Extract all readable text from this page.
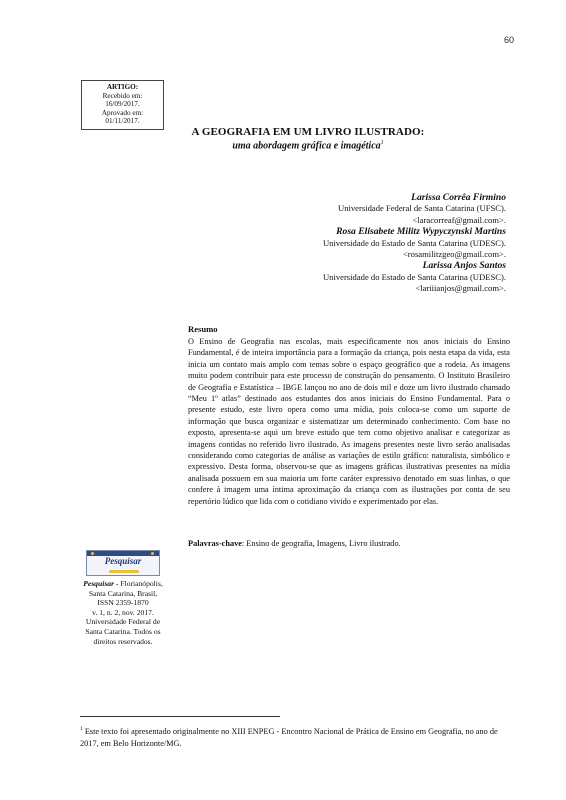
60
ARTIGO:
Recebido em:
16/09/2017.
Aprovado em:
01/11/2017.
A GEOGRAFIA EM UM LIVRO ILUSTRADO:
uma abordagem gráfica e imagética$^1$
Larissa Corrêa Firmino
Universidade Federal de Santa Catarina (UFSC).
<laracorreaf@gmail.com>.
Rosa Elisabete Militz Wypyczynski Martins
Universidade do Estado de Santa Catarina (UDESC).
<rosamilitzgeo@gmail.com>.
Larissa Anjos Santos
Universidade do Estado de Santa Catarina (UDESC).
<lariiianjos@gmail.com>.
Resumo
O Ensino de Geografia nas escolas, mais especificamente nos anos iniciais do Ensino Fundamental, é de inteira importância para a formação da criança, pois nesta etapa da vida, esta inicia um contato mais amplo com temas sobre o espaço geográfico que a rodeia. As imagens muito podem contribuir para este processo de construção do pensamento. O Instituto Brasileiro de Geografia e Estatística – IBGE lançou no ano de dois mil e doze um livro ilustrado chamado “Meu 1º atlas” destinado aos estudantes dos anos iniciais do Ensino Fundamental. Para o presente estudo, este livro opera como uma mídia, pois coloca-se como um suporte de informação que busca organizar e sistematizar um determinado conhecimento. Com base no exposto, apresenta-se aqui um breve estudo que tem como objetivo analisar e categorizar as imagens contidas no referido livro ilustrado. As imagens presentes neste livro serão analisadas considerando como categorias de análise as variações de estilo gráfico: naturalista, simbólico e expressivo. Desta forma, observou-se que as imagens gráficas ilustrativas presentes na mídia analisada possuem em sua maioria um forte caráter expressivo denotado em suas linhas, o que confere à imagem uma íntima aproximação da criança com as ilustrações por conta de seu repertório lúdico que lida com o cotidiano vivido e experimentado por elas.
Palavras-chave: Ensino de geografia, Imagens, Livro ilustrado.
Pesquisar
Pesquisar - Florianópolis,
Santa Catarina, Brasil,
ISSN 2359-1870
v. 1, n. 2, nov. 2017.
Universidade Federal de
Santa Catarina. Todos os
direitos reservados.
$^1$ Este texto foi apresentado originalmente no XIII ENPEG - Encontro Nacional de Prática de Ensino em Geografia, no ano de 2017, em Belo Horizonte/MG.
